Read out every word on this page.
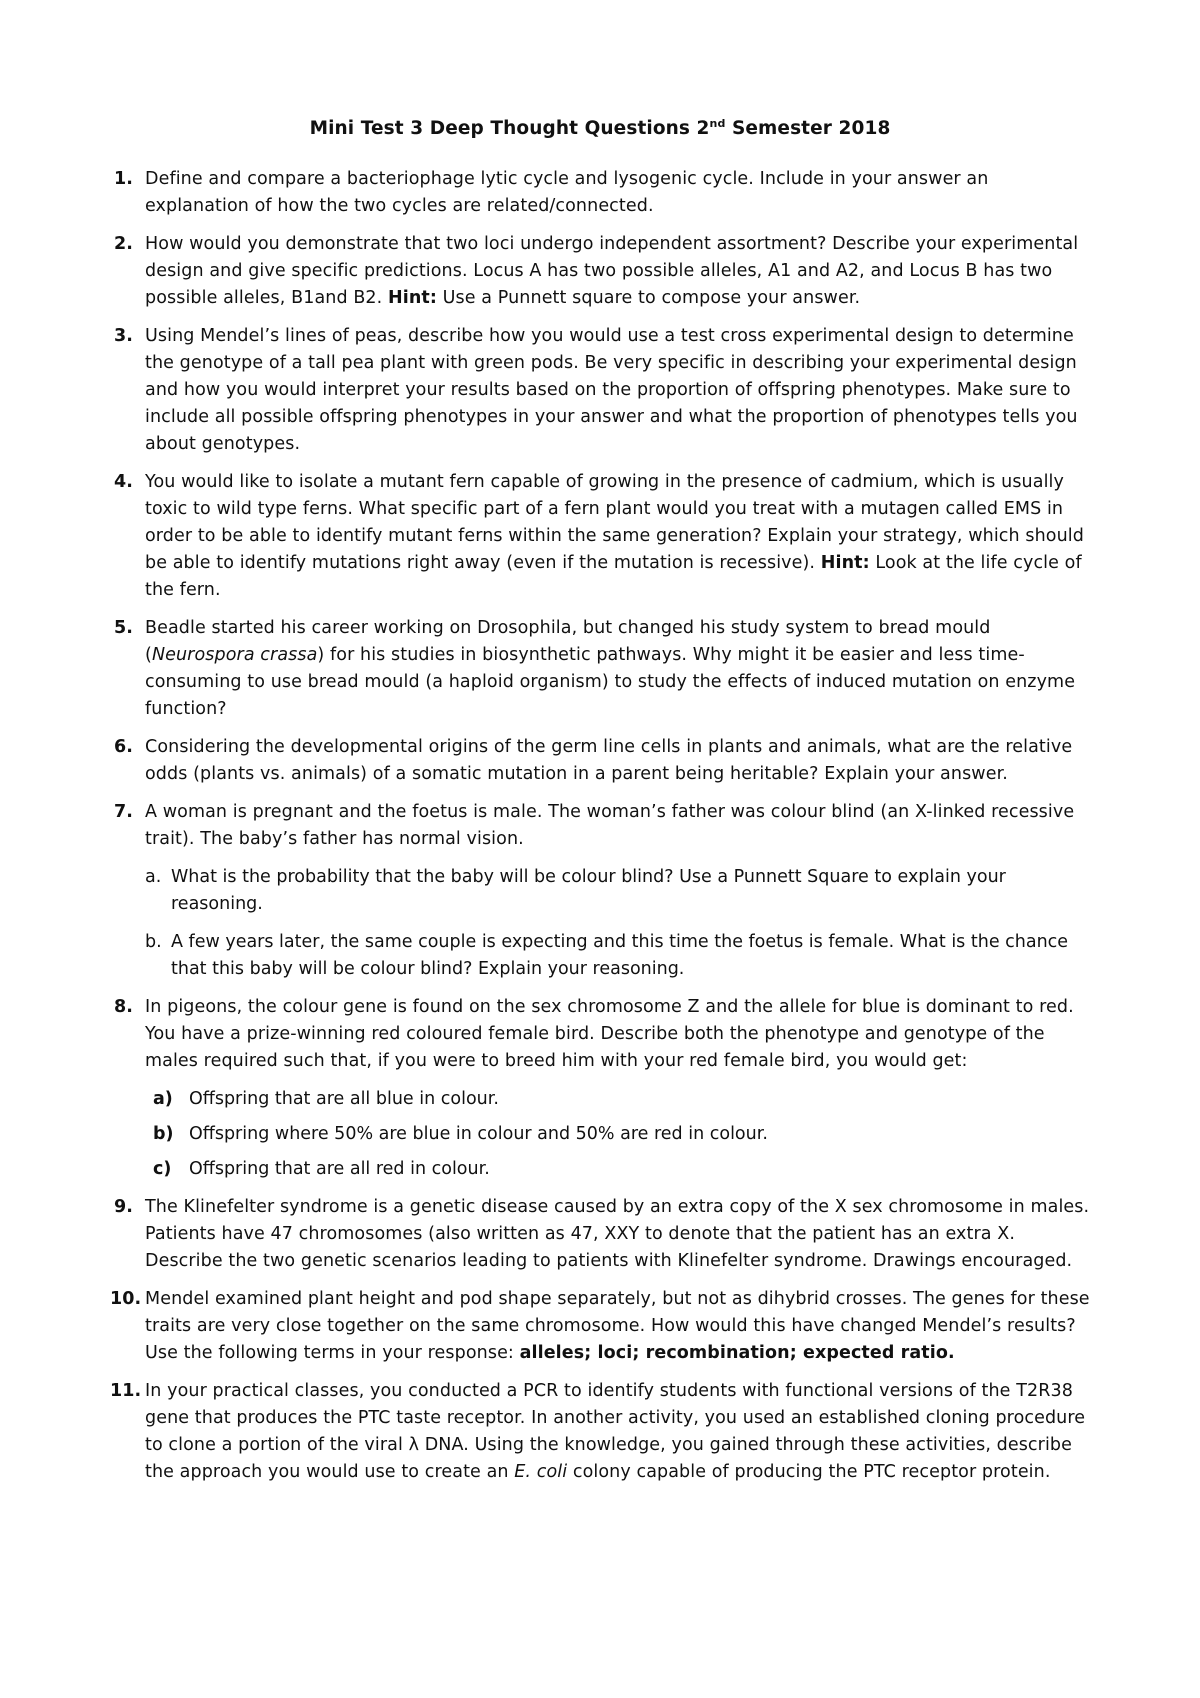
Mini Test 3 Deep Thought Questions 2nd Semester 2018
1. Define and compare a bacteriophage lytic cycle and lysogenic cycle. Include in your answer an explanation of how the two cycles are related/connected.
2. How would you demonstrate that two loci undergo independent assortment? Describe your experimental design and give specific predictions. Locus A has two possible alleles, A1 and A2, and Locus B has two possible alleles, B1and B2. Hint: Use a Punnett square to compose your answer.
3. Using Mendel’s lines of peas, describe how you would use a test cross experimental design to determine the genotype of a tall pea plant with green pods. Be very specific in describing your experimental design and how you would interpret your results based on the proportion of offspring phenotypes. Make sure to include all possible offspring phenotypes in your answer and what the proportion of phenotypes tells you about genotypes.
4. You would like to isolate a mutant fern capable of growing in the presence of cadmium, which is usually toxic to wild type ferns. What specific part of a fern plant would you treat with a mutagen called EMS in order to be able to identify mutant ferns within the same generation? Explain your strategy, which should be able to identify mutations right away (even if the mutation is recessive). Hint: Look at the life cycle of the fern.
5. Beadle started his career working on Drosophila, but changed his study system to bread mould (Neurospora crassa) for his studies in biosynthetic pathways. Why might it be easier and less time-consuming to use bread mould (a haploid organism) to study the effects of induced mutation on enzyme function?
6. Considering the developmental origins of the germ line cells in plants and animals, what are the relative odds (plants vs. animals) of a somatic mutation in a parent being heritable? Explain your answer.
7. A woman is pregnant and the foetus is male. The woman’s father was colour blind (an X-linked recessive trait). The baby’s father has normal vision.
a. What is the probability that the baby will be colour blind? Use a Punnett Square to explain your reasoning.
b. A few years later, the same couple is expecting and this time the foetus is female. What is the chance that this baby will be colour blind? Explain your reasoning.
8. In pigeons, the colour gene is found on the sex chromosome Z and the allele for blue is dominant to red. You have a prize-winning red coloured female bird. Describe both the phenotype and genotype of the males required such that, if you were to breed him with your red female bird, you would get:
a) Offspring that are all blue in colour.
b) Offspring where 50% are blue in colour and 50% are red in colour.
c) Offspring that are all red in colour.
9. The Klinefelter syndrome is a genetic disease caused by an extra copy of the X sex chromosome in males. Patients have 47 chromosomes (also written as 47, XXY to denote that the patient has an extra X. Describe the two genetic scenarios leading to patients with Klinefelter syndrome. Drawings encouraged.
10. Mendel examined plant height and pod shape separately, but not as dihybrid crosses. The genes for these traits are very close together on the same chromosome. How would this have changed Mendel’s results? Use the following terms in your response: alleles; loci; recombination; expected ratio.
11. In your practical classes, you conducted a PCR to identify students with functional versions of the T2R38 gene that produces the PTC taste receptor. In another activity, you used an established cloning procedure to clone a portion of the viral λ DNA. Using the knowledge, you gained through these activities, describe the approach you would use to create an E. coli colony capable of producing the PTC receptor protein.
